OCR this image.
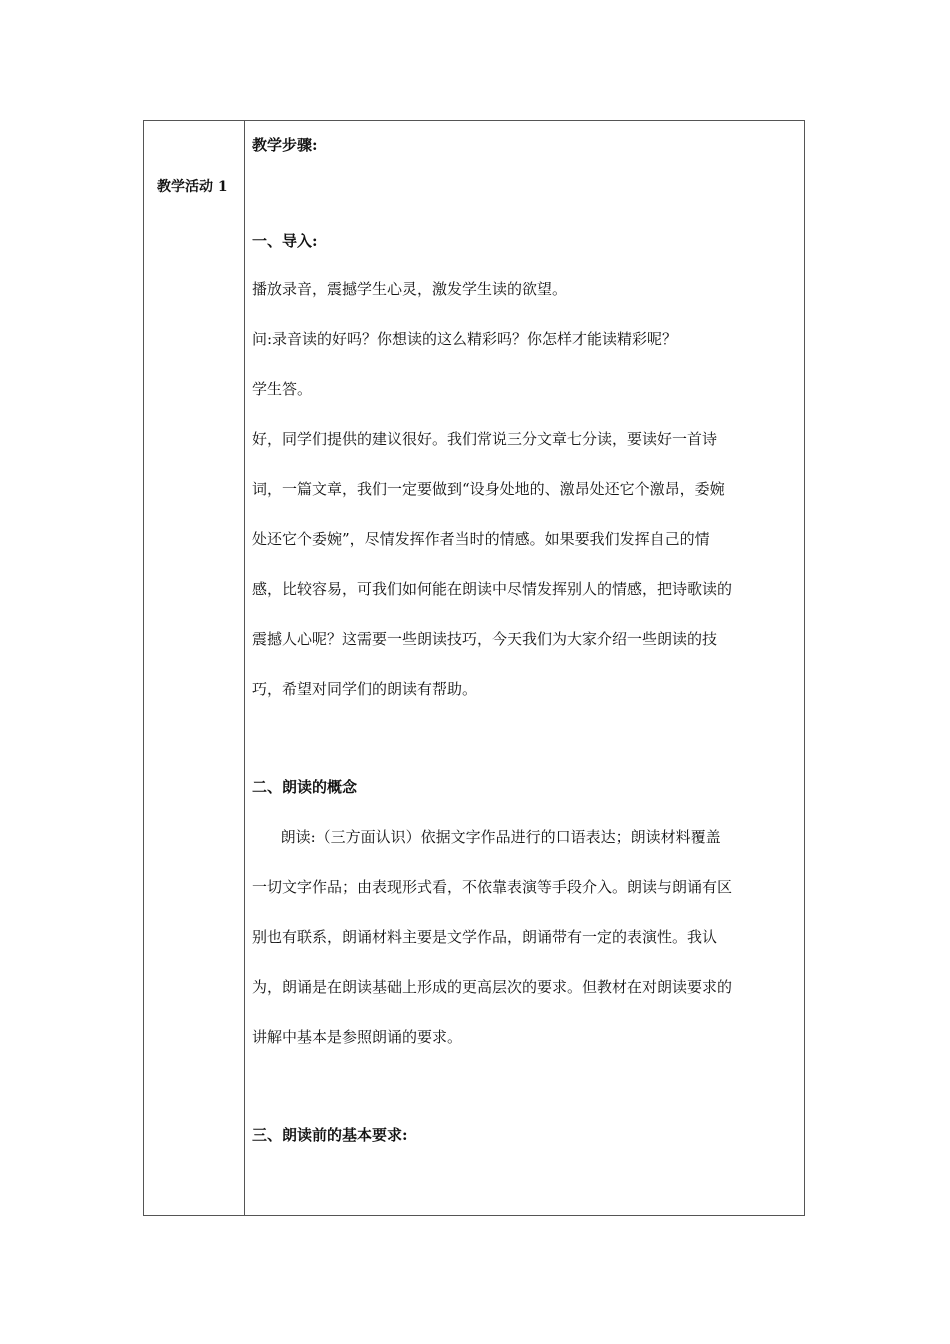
教学活动 1
教学步骤:
一、导入:
播放录音，震撼学生心灵，激发学生读的欲望。
问:录音读的好吗？你想读的这么精彩吗？你怎样才能读精彩呢？
学生答。
好，同学们提供的建议很好。我们常说三分文章七分读，要读好一首诗
词，一篇文章，我们一定要做到“设身处地的、激昂处还它个激昂，委婉
处还它个委婉”，尽情发挥作者当时的情感。如果要我们发挥自己的情
感，比较容易，可我们如何能在朗读中尽情发挥别人的情感，把诗歌读的
震撼人心呢？这需要一些朗读技巧，今天我们为大家介绍一些朗读的技
巧，希望对同学们的朗读有帮助。
二、朗读的概念
朗读:（三方面认识）依据文字作品进行的口语表达；朗读材料覆盖
一切文字作品；由表现形式看，不依靠表演等手段介入。朗读与朗诵有区
别也有联系，朗诵材料主要是文学作品，朗诵带有一定的表演性。我认
为，朗诵是在朗读基础上形成的更高层次的要求。但教材在对朗读要求的
讲解中基本是参照朗诵的要求。
三、朗读前的基本要求:
